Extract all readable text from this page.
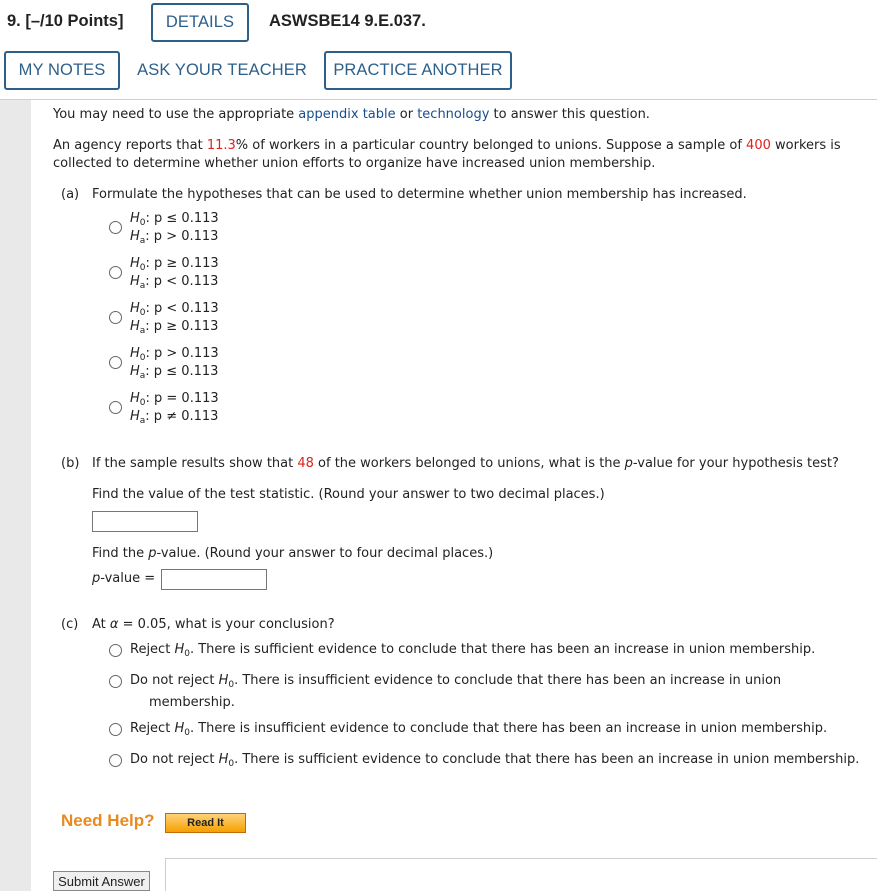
9. [–/10 Points]	DETAILS ASWSBE14 9.E.037.
MY NOTES ASK YOUR TEACHER PRACTICE ANOTHER
You may need to use the appropriate appendix table or technology to answer this question.
An agency reports that 11.3% of workers in a particular country belonged to unions. Suppose a sample of 400 workers is
collected to determine whether union efforts to organize have increased union membership.
(a) Formulate the hypotheses that can be used to determine whether union membership has increased.
$H_0$: p ≤ 0.113
$H_a$: p > 0.113
$H_0$: p ≥ 0.113
$H_a$: p < 0.113
$H_0$: p < 0.113
$H_a$: p ≥ 0.113
$H_0$: p > 0.113
$H_a$: p ≤ 0.113
$H_0$: p = 0.113
$H_a$: p ≠ 0.113
(b) If the sample results show that 48 of the workers belonged to unions, what is the p-value for your hypothesis test?
Find the value of the test statistic. (Round your answer to two decimal places.)
Find the p-value. (Round your answer to four decimal places.)
p-value =
(c) At α = 0.05, what is your conclusion?
Reject $H_0$. There is sufficient evidence to conclude that there has been an increase in union membership.
Do not reject $H_0$. There is insufficient evidence to conclude that there has been an increase in union
membership.
Reject $H_0$. There is insufficient evidence to conclude that there has been an increase in union membership.
Do not reject $H_0$. There is sufficient evidence to conclude that there has been an increase in union membership.
Need Help?	Read It
Submit Answer
